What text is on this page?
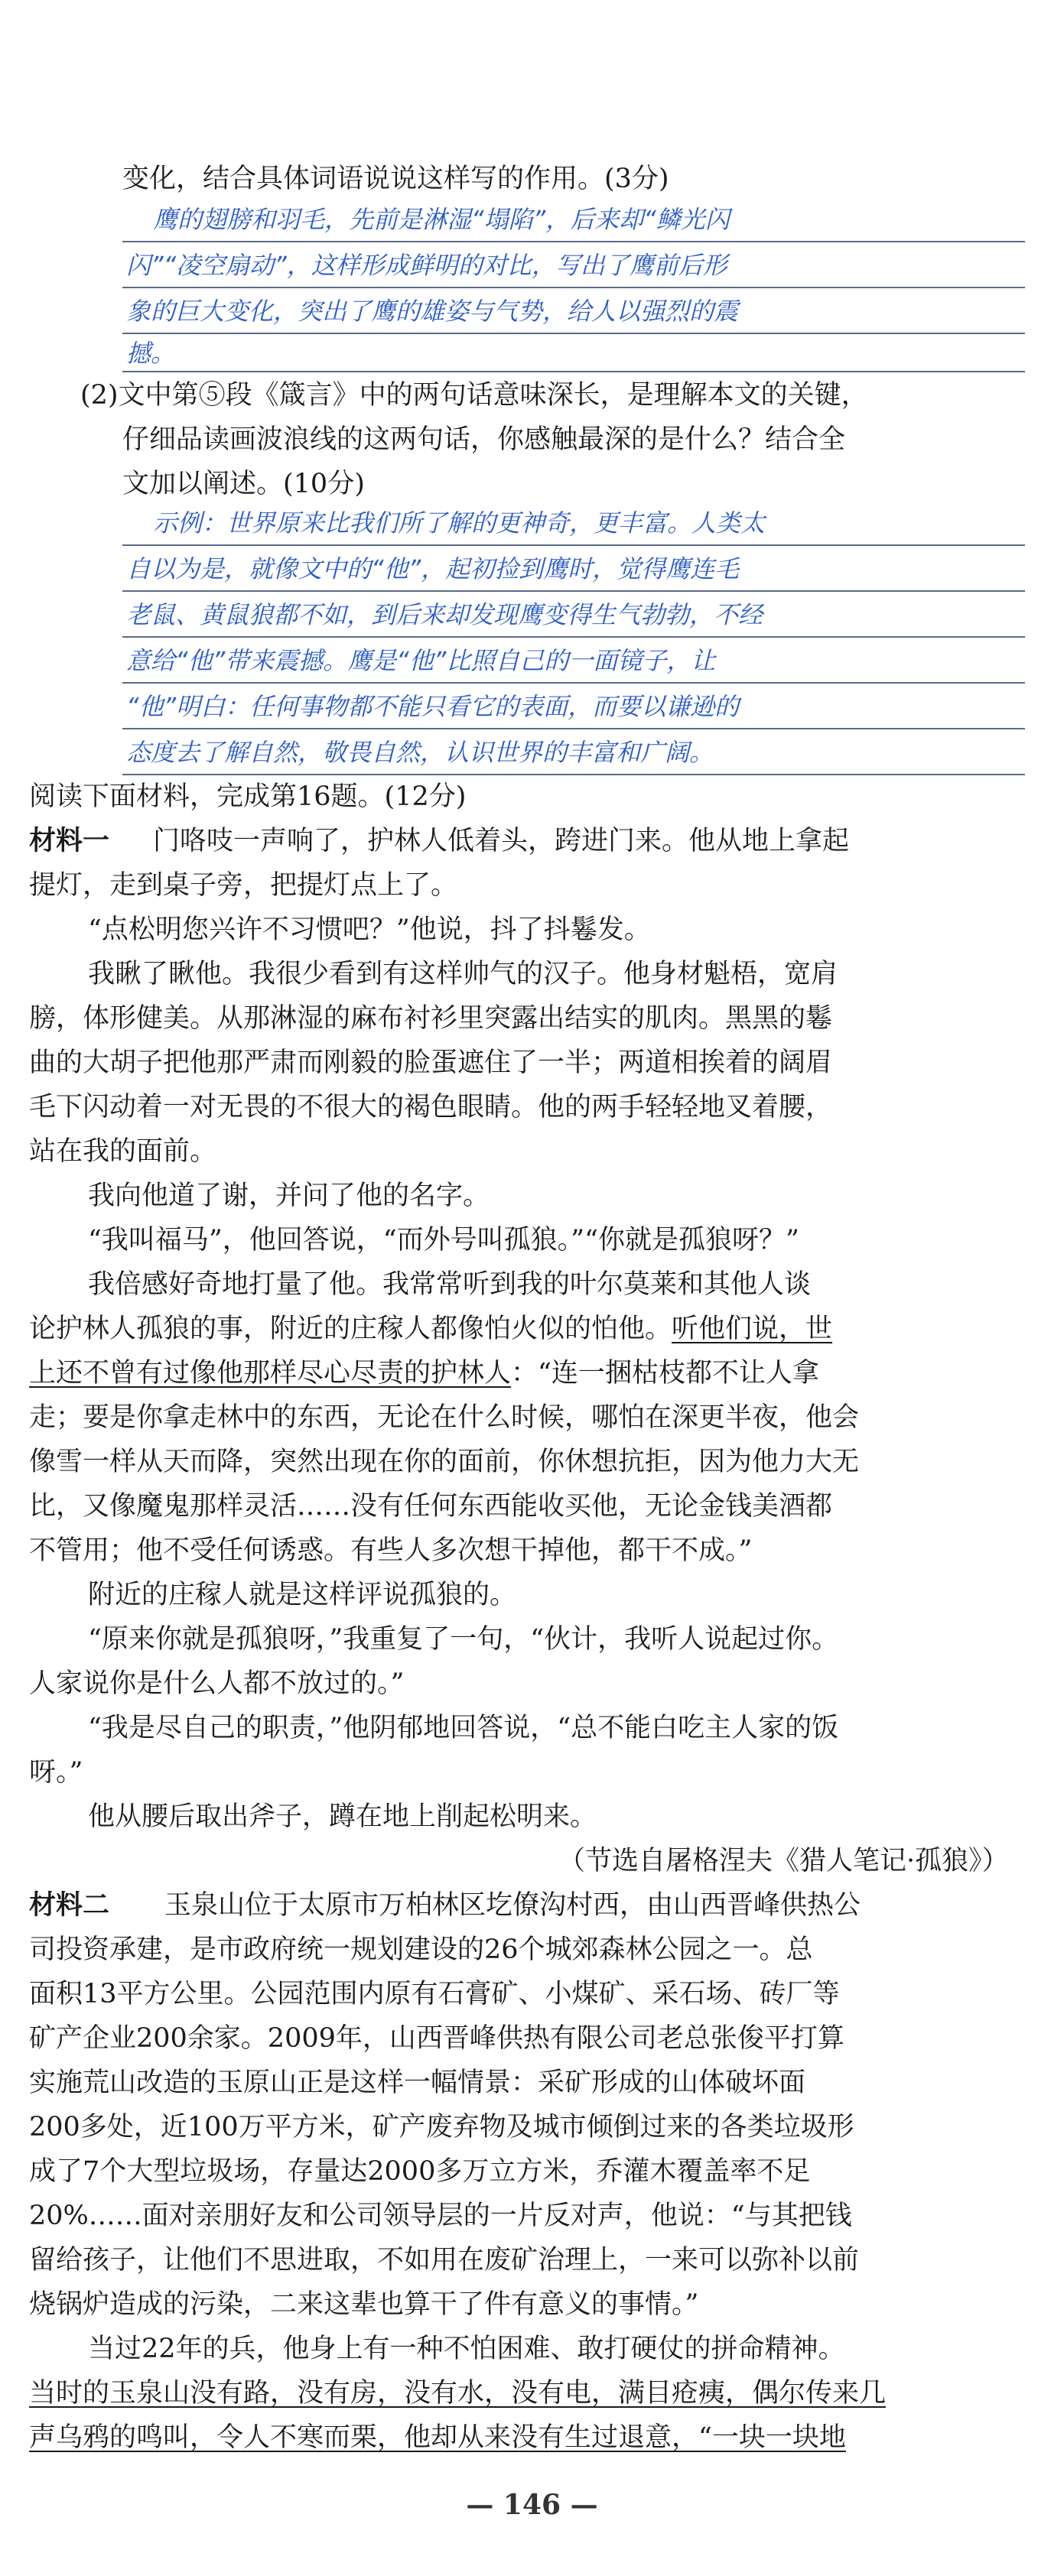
变化，结合具体词语说说这样写的作用。(3分)
鹰的翅膀和羽毛，先前是淋湿“塌陷”，后来却“鳞光闪
闪”“凌空扇动”，这样形成鲜明的对比，写出了鹰前后形
象的巨大变化，突出了鹰的雄姿与气势，给人以强烈的震
撼。
(2)文中第⑤段《箴言》中的两句话意味深长，是理解本文的关键，
仔细品读画波浪线的这两句话，你感触最深的是什么？结合全
文加以阐述。(10分)
示例：世界原来比我们所了解的更神奇，更丰富。人类太
自以为是，就像文中的“他”，起初捡到鹰时，觉得鹰连毛
老鼠、黄鼠狼都不如，到后来却发现鹰变得生气勃勃，不经
意给“他”带来震撼。鹰是“他”比照自己的一面镜子，让
“他”明白：任何事物都不能只看它的表面，而要以谦逊的
态度去了解自然，敬畏自然，认识世界的丰富和广阔。
阅读下面材料，完成第16题。(12分)
材料一 门咯吱一声响了，护林人低着头，跨进门来。他从地上拿起
提灯，走到桌子旁，把提灯点上了。
“点松明您兴许不习惯吧？”他说，抖了抖鬈发。
我瞅了瞅他。我很少看到有这样帅气的汉子。他身材魁梧，宽肩
膀，体形健美。从那淋湿的麻布衬衫里突露出结实的肌肉。黑黑的鬈
曲的大胡子把他那严肃而刚毅的脸蛋遮住了一半；两道相挨着的阔眉
毛下闪动着一对无畏的不很大的褐色眼睛。他的两手轻轻地叉着腰，
站在我的面前。
我向他道了谢，并问了他的名字。
“我叫福马”，他回答说，“而外号叫孤狼。”“你就是孤狼呀？”
我倍感好奇地打量了他。我常常听到我的叶尔莫莱和其他人谈
论护林人孤狼的事，附近的庄稼人都像怕火似的怕他。听他们说，世
上还不曾有过像他那样尽心尽责的护林人：“连一捆枯枝都不让人拿
走；要是你拿走林中的东西，无论在什么时候，哪怕在深更半夜，他会
像雪一样从天而降，突然出现在你的面前，你休想抗拒，因为他力大无
比，又像魔鬼那样灵活……没有任何东西能收买他，无论金钱美酒都
不管用；他不受任何诱惑。有些人多次想干掉他，都干不成。”
附近的庄稼人就是这样评说孤狼的。
“原来你就是孤狼呀，”我重复了一句，“伙计，我听人说起过你。
人家说你是什么人都不放过的。”
“我是尽自己的职责，”他阴郁地回答说，“总不能白吃主人家的饭
呀。”
他从腰后取出斧子，蹲在地上削起松明来。
（节选自屠格涅夫《猎人笔记·孤狼》）
材料二 玉泉山位于太原市万柏林区圪僚沟村西，由山西晋峰供热公
司投资承建，是市政府统一规划建设的26个城郊森林公园之一。总
面积13平方公里。公园范围内原有石膏矿、小煤矿、采石场、砖厂等
矿产企业200余家。2009年，山西晋峰供热有限公司老总张俊平打算
实施荒山改造的玉原山正是这样一幅情景：采矿形成的山体破坏面
200多处，近100万平方米，矿产废弃物及城市倾倒过来的各类垃圾形
成了7个大型垃圾场，存量达2000多万立方米，乔灌木覆盖率不足
20%……面对亲朋好友和公司领导层的一片反对声，他说：“与其把钱
留给孩子，让他们不思进取，不如用在废矿治理上，一来可以弥补以前
烧锅炉造成的污染，二来这辈也算干了件有意义的事情。”
当过22年的兵，他身上有一种不怕困难、敢打硬仗的拼命精神。
当时的玉泉山没有路，没有房，没有水，没有电，满目疮痍，偶尔传来几
声乌鸦的鸣叫，令人不寒而栗，他却从来没有生过退意，“一块一块地
— 146 —
